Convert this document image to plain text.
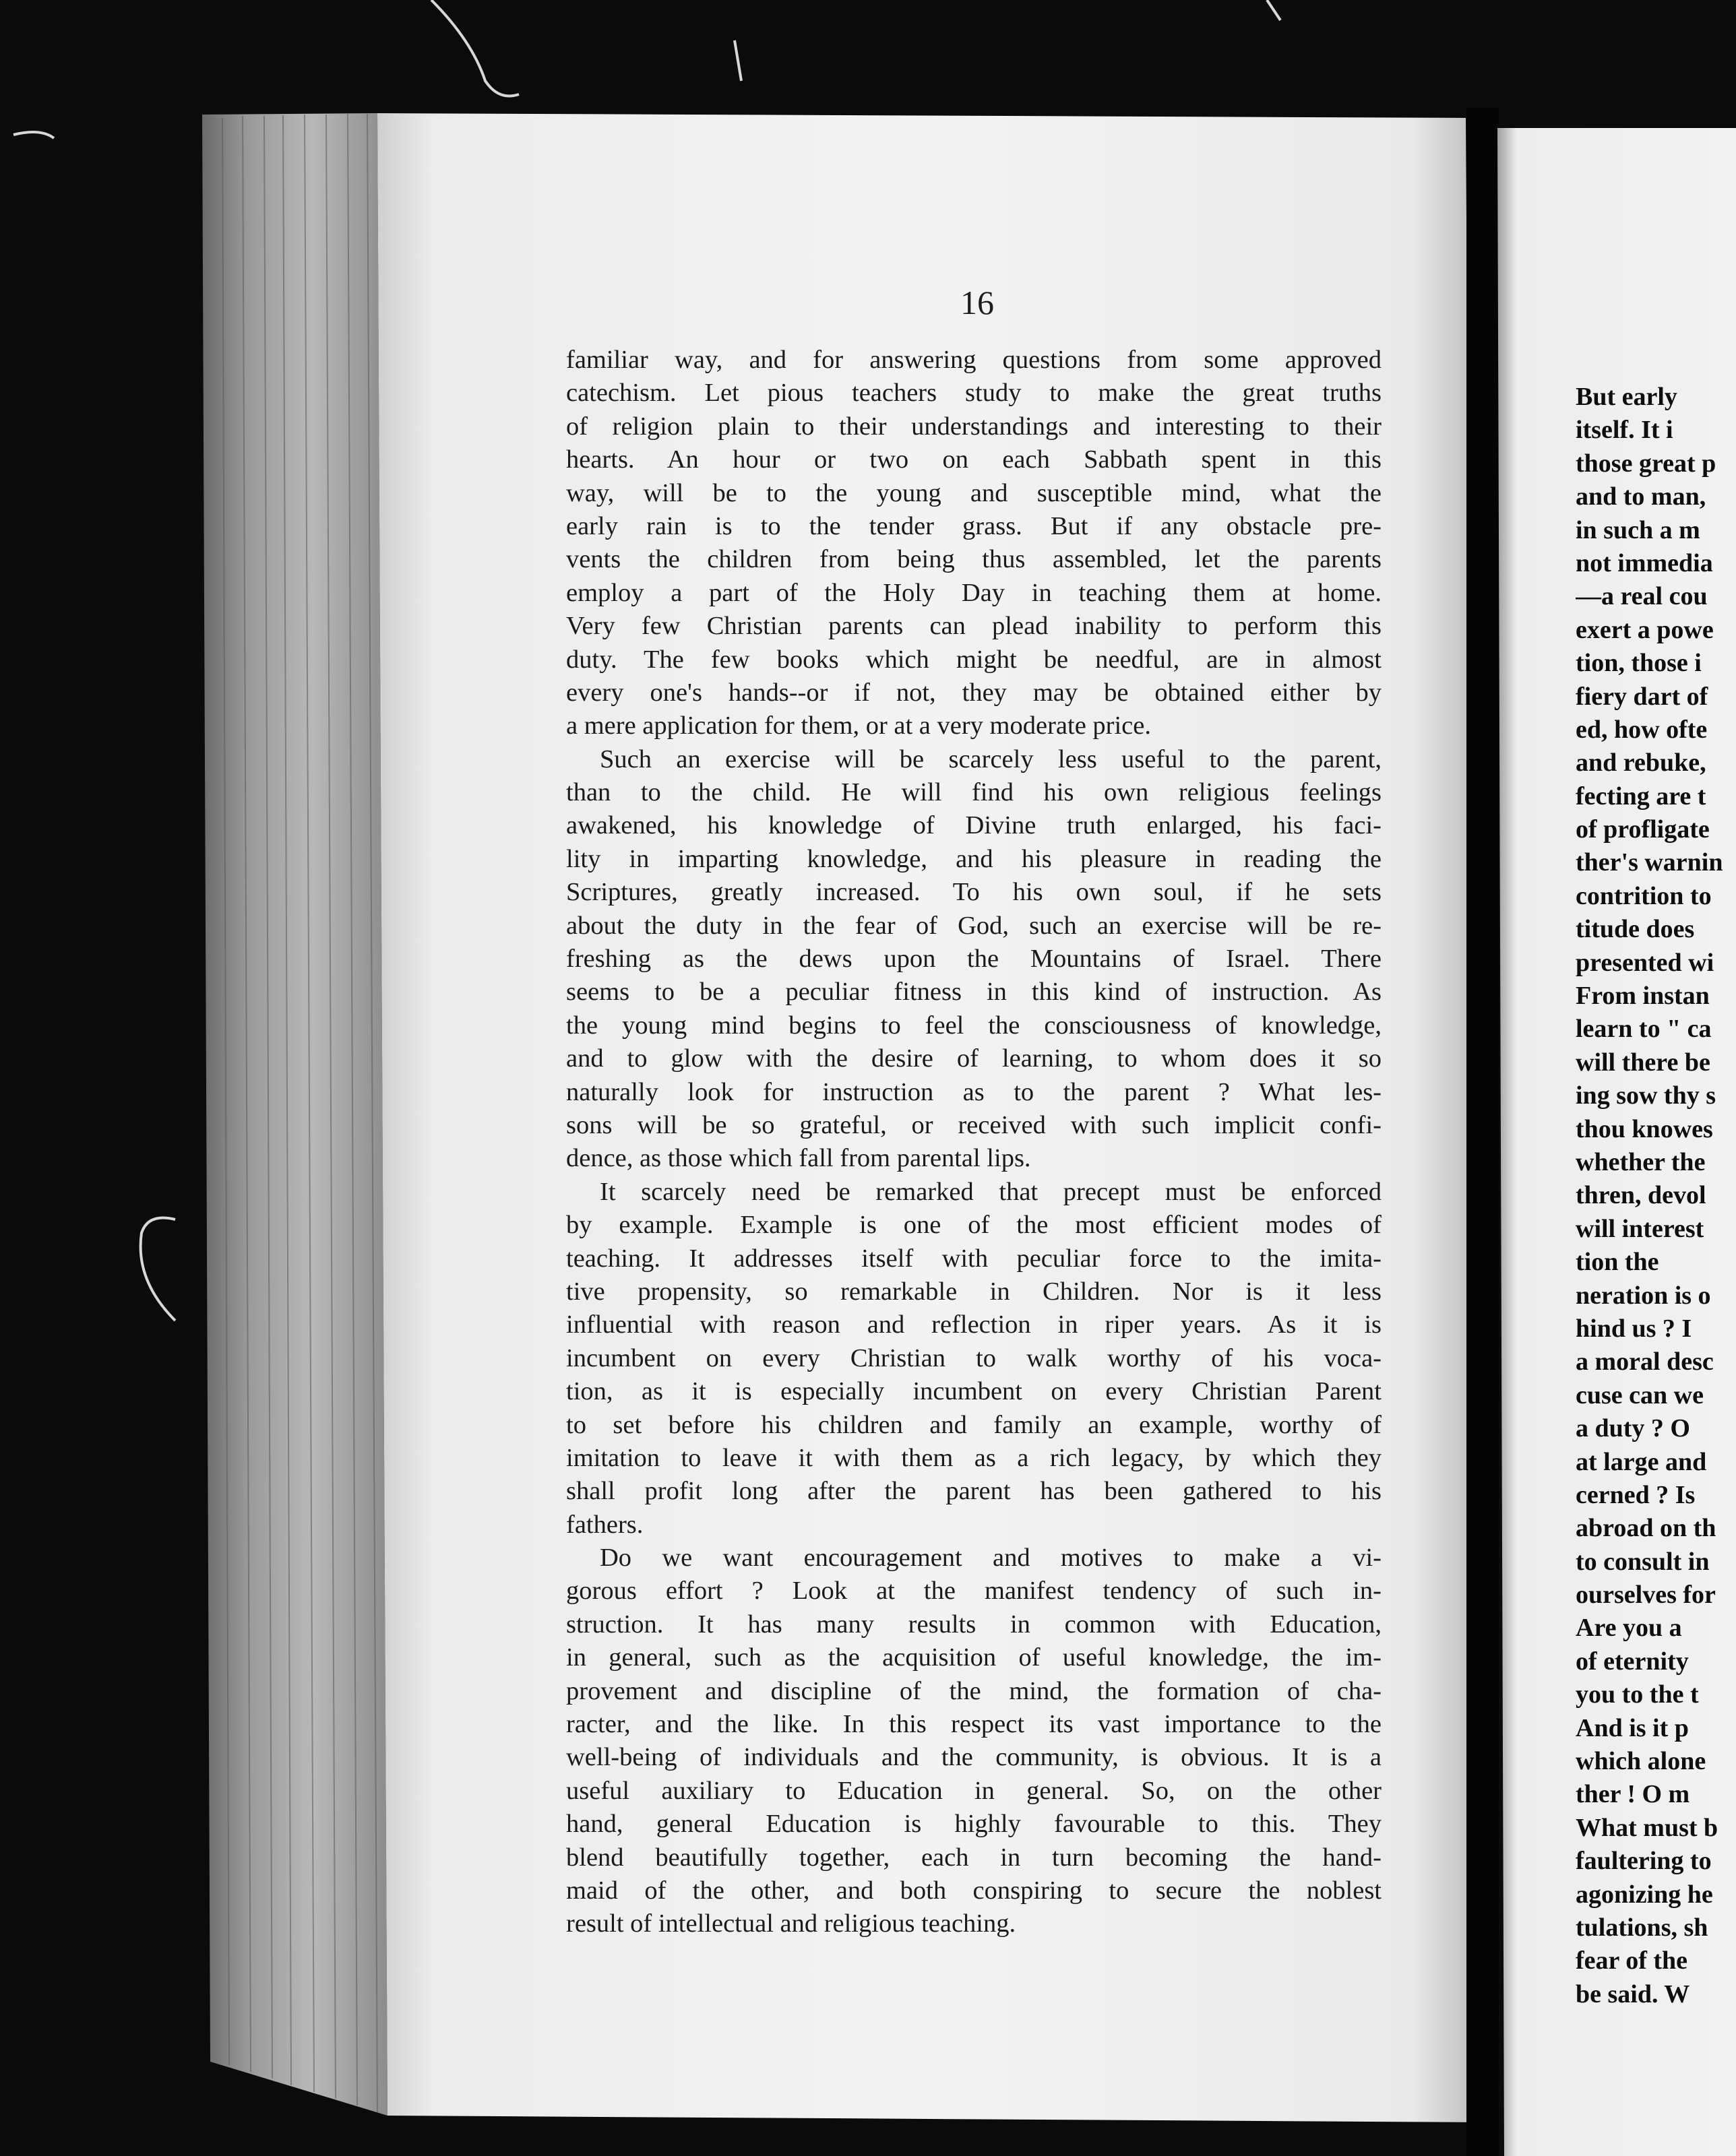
16
familiar way, and for answering questions from some approved
catechism. Let pious teachers study to make the great truths
of religion plain to their understandings and interesting to their
hearts. An hour or two on each Sabbath spent in this
way, will be to the young and susceptible mind, what the
early rain is to the tender grass. But if any obstacle pre-
vents the children from being thus assembled, let the parents
employ a part of the Holy Day in teaching them at home.
Very few Christian parents can plead inability to perform this
duty. The few books which might be needful, are in almost
every one's hands--or if not, they may be obtained either by
a mere application for them, or at a very moderate price.
Such an exercise will be scarcely less useful to the parent,
than to the child. He will find his own religious feelings
awakened, his knowledge of Divine truth enlarged, his faci-
lity in imparting knowledge, and his pleasure in reading the
Scriptures, greatly increased. To his own soul, if he sets
about the duty in the fear of God, such an exercise will be re-
freshing as the dews upon the Mountains of Israel. There
seems to be a peculiar fitness in this kind of instruction. As
the young mind begins to feel the consciousness of knowledge,
and to glow with the desire of learning, to whom does it so
naturally look for instruction as to the parent ? What les-
sons will be so grateful, or received with such implicit confi-
dence, as those which fall from parental lips.
It scarcely need be remarked that precept must be enforced
by example. Example is one of the most efficient modes of
teaching. It addresses itself with peculiar force to the imita-
tive propensity, so remarkable in Children. Nor is it less
influential with reason and reflection in riper years. As it is
incumbent on every Christian to walk worthy of his voca-
tion, as it is especially incumbent on every Christian Parent
to set before his children and family an example, worthy of
imitation to leave it with them as a rich legacy, by which they
shall profit long after the parent has been gathered to his
fathers.
Do we want encouragement and motives to make a vi-
gorous effort ? Look at the manifest tendency of such in-
struction. It has many results in common with Education,
in general, such as the acquisition of useful knowledge, the im-
provement and discipline of the mind, the formation of cha-
racter, and the like. In this respect its vast importance to the
well-being of individuals and the community, is obvious. It is a
useful auxiliary to Education in general. So, on the other
hand, general Education is highly favourable to this. They
blend beautifully together, each in turn becoming the hand-
maid of the other, and both conspiring to secure the noblest
result of intellectual and religious teaching.
But early
itself. It i
those great p
and to man,
in such a m
not immedia
—a real cou
exert a powe
tion, those i
fiery dart of
ed, how ofte
and rebuke,
fecting are t
of profligate
ther's warnin
contrition to
titude does
presented wi
From instan
learn to " ca
will there be
ing sow thy s
thou knowes
whether the
thren, devol
will interest
tion the
neration is o
hind us ? I
a moral desc
cuse can we
a duty ? O
at large and
cerned ? Is
abroad on th
to consult in
ourselves for
Are you a
of eternity
you to the t
And is it p
which alone
ther ! O m
What must b
faultering to
agonizing he
tulations, sh
fear of the
be said. W
